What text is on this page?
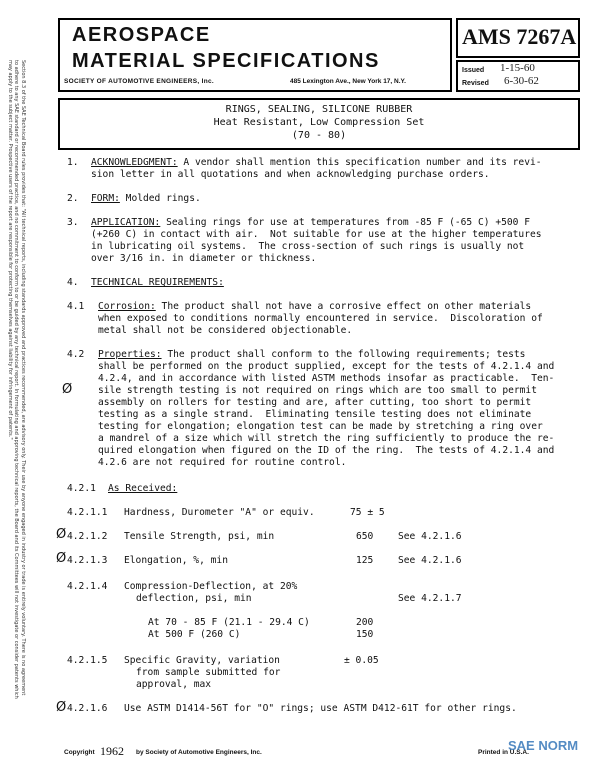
Section 8.3 of the SAE Technical Board rules provides that: "All technical reports, including standards approved and practices recommended, are advisory only. Their use by anyone engaged in industry or trade is entirely voluntary. There is no agreement to adhere to any SAE standard or recommended practice, and no commitment to conform to or be guided by any technical report. In formulating and approving technical reports, the Board and its Committees will not investigate or consider patents which may apply to the subject matter. Prospective users of the report are responsible for protecting themselves against liability for infringement of patents."
AEROSPACE
MATERIAL SPECIFICATIONS
SOCIETY OF AUTOMOTIVE ENGINEERS, Inc.	485 Lexington Ave., New York 17, N.Y.
AMS 7267A
Issued 1-15-60
Revised 6-30-62
RINGS, SEALING, SILICONE RUBBER
Heat Resistant, Low Compression Set
(70 - 80)
1. ACKNOWLEDGMENT: A vendor shall mention this specification number and its revi-
sion letter in all quotations and when acknowledging purchase orders.
2. FORM: Molded rings.
3. APPLICATION: Sealing rings for use at temperatures from -85 F (-65 C) +500 F
(+260 C) in contact with air.  Not suitable for use at the higher temperatures
in lubricating oil systems.  The cross-section of such rings is usually not
over 3/16 in. in diameter or thickness.
4. TECHNICAL REQUIREMENTS:
4.1 Corrosion: The product shall not have a corrosive effect on other materials
when exposed to conditions normally encountered in service.  Discoloration of
metal shall not be considered objectionable.
4.2 Properties: The product shall conform to the following requirements; tests
shall be performed on the product supplied, except for the tests of 4.2.1.4 and
4.2.4, and in accordance with listed ASTM methods insofar as practicable.  Ten-
Ø	sile strength testing is not required on rings which are too small to permit
assembly on rollers for testing and are, after cutting, too short to permit
testing as a single strand.  Eliminating tensile testing does not eliminate
testing for elongation; elongation test can be made by stretching a ring over
a mandrel of a size which will stretch the ring sufficiently to produce the re-
quired elongation when figured on the ID of the ring.  The tests of 4.2.1.4 and
4.2.6 are not required for routine control.
4.2.1 As Received:
4.2.1.1 Hardness, Durometer "A" or equiv.	75 ± 5
Ø 4.2.1.2 Tensile Strength, psi, min	650	See 4.2.1.6
Ø 4.2.1.3 Elongation, %, min	125	See 4.2.1.6
4.2.1.4 Compression-Deflection, at 20%
deflection, psi, min	See 4.2.1.7
At 70 - 85 F (21.1 - 29.4 C)	200
At 500 F (260 C)	150
4.2.1.5 Specific Gravity, variation
from sample submitted for
approval, max
± 0.05
Ø 4.2.1.6 Use ASTM D1414-56T for "O" rings; use ASTM D412-61T for other rings.
Copyright 1962 by Society of Automotive Engineers, Inc.	Printed in U.S.A.
SAE NORM
